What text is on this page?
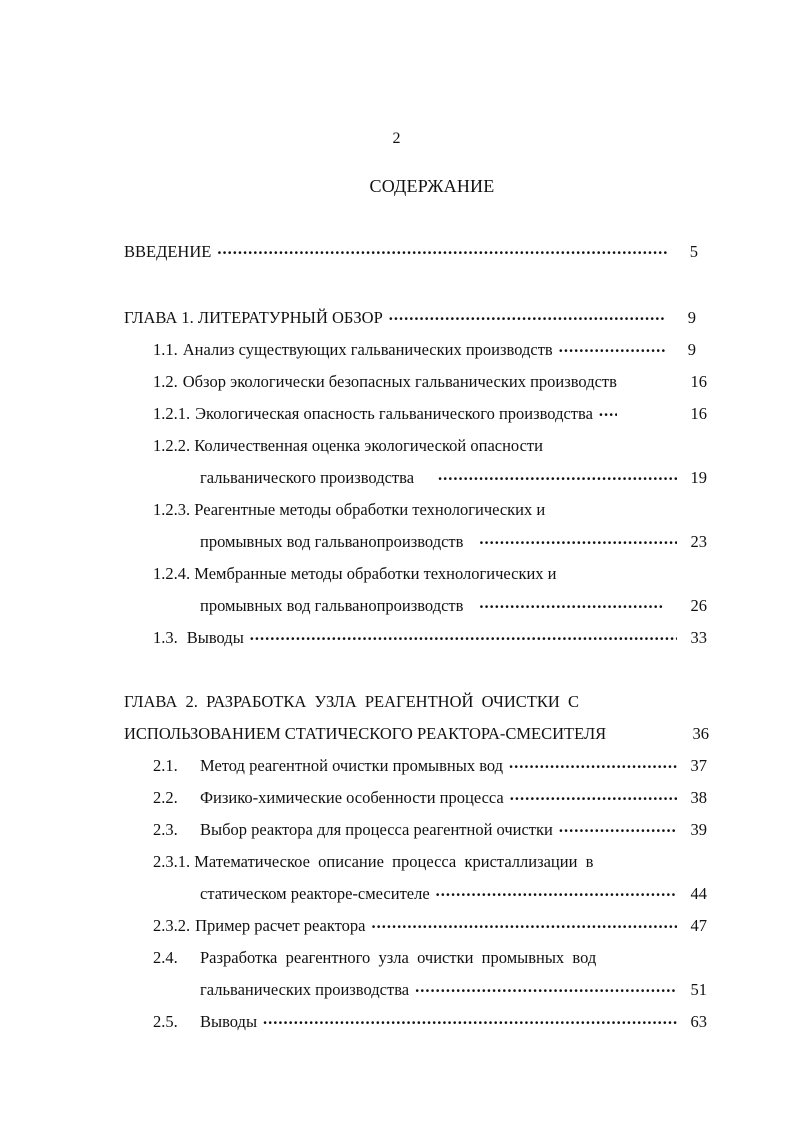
2
СОДЕРЖАНИЕ
ВВЕДЕНИЕ .....	5
ГЛАВА 1. ЛИТЕРАТУРНЫЙ ОБЗОР .....	9
1.1. Анализ существующих гальванических производств .....	9
1.2. Обзор экологически безопасных гальванических производств	16
1.2.1. Экологическая опасность гальванического производства .....	16
1.2.2. Количественная оценка экологической опасности
гальванического производства .....	19
1.2.3. Реагентные методы обработки технологических и
промывных вод гальванопроизводств .....	23
1.2.4. Мембранные методы обработки технологических и
промывных вод гальванопроизводств .....	26
1.3. Выводы .....	33
ГЛАВА  2.  РАЗРАБОТКА  УЗЛА  РЕАГЕНТНОЙ  ОЧИСТКИ  С
ИСПОЛЬЗОВАНИЕМ СТАТИЧЕСКОГО РЕАКТОРА-СМЕСИТЕЛЯ	36
2.1.	Метод реагентной очистки промывных вод .....	37
2.2.	Физико-химические особенности процесса .....	38
2.3.	Выбор реактора для процесса реагентной очистки .....	39
2.3.1. Математическое  описание  процесса  кристаллизации  в
статическом реакторе-смесителе .....	44
2.3.2. Пример расчет реактора .....	47
2.4. Разработка  реагентного  узла  очистки  промывных  вод
гальванических производства .....	51
2.5.	Выводы .....	63
